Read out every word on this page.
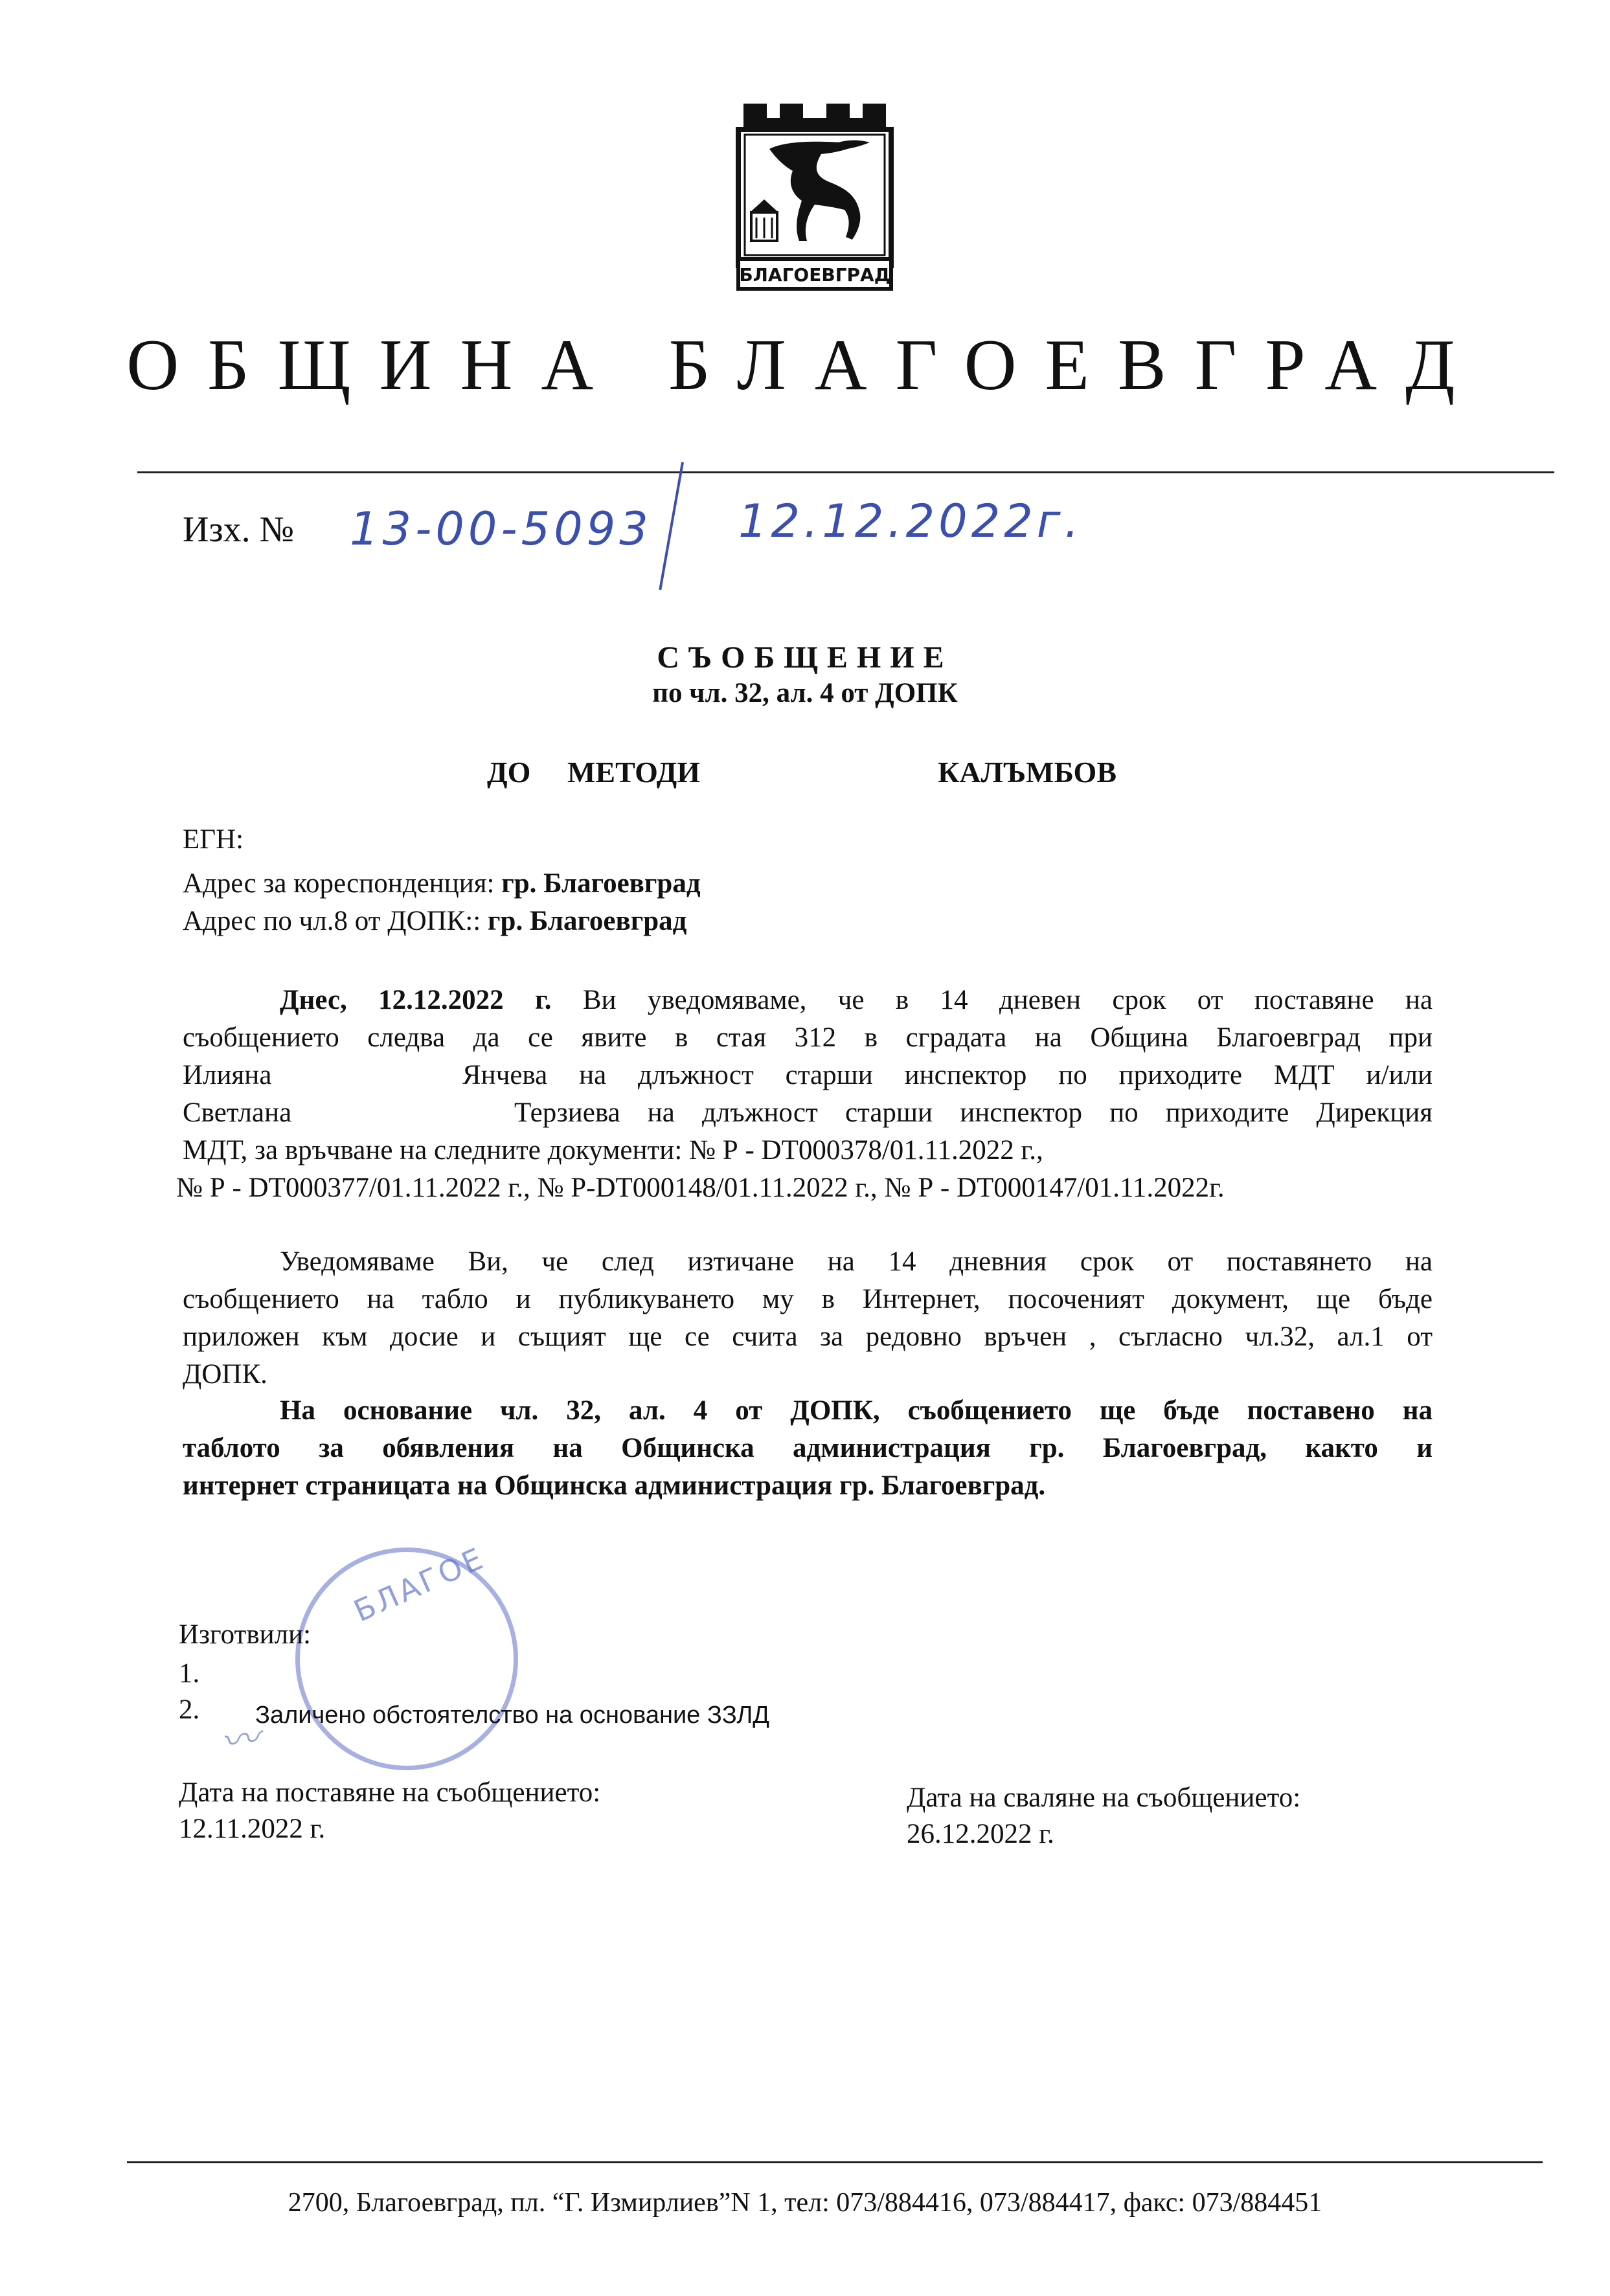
БЛАГОЕВГРАД
ОБЩИНА БЛАГОЕВГРАД
Изх. № 13-00-5093 12.12.2022г.
СЪОБЩЕНИЕ
по чл. 32, ал. 4 от ДОПК
ДО МЕТОДИ	КАЛЪМБОВ
ЕГН:
Адрес за кореспонденция: гр. Благоевград
Адрес по чл.8 от ДОПК:: гр. Благоевград
Днес, 12.12.2022 г. Ви уведомяваме, че в 14 дневен срок от поставяне на
съобщението следва да се явите в стая 312 в сградата на Община Благоевград при
Илияна	Янчева на длъжност старши инспектор по приходите МДТ и/или
Светлана	Терзиева на длъжност старши инспектор по приходите Дирекция
МДТ, за връчване на следните документи: № Р - DT000378/01.11.2022 г.,
№ Р - DT000377/01.11.2022 г., № Р-DT000148/01.11.2022 г., № Р - DT000147/01.11.2022г.
Уведомяваме Ви, че след изтичане на 14 дневния срок от поставянето на
съобщението на табло и публикуването му в Интернет, посоченият документ, ще бъде
приложен към досие и същият ще се счита за редовно връчен , съгласно чл.32, ал.1 от
ДОПК.
На основание чл. 32, ал. 4 от ДОПК, съобщението ще бъде поставено на
таблото за обявления на Общинска администрация гр. Благоевград, както и
интернет страницата на Общинска администрация гр. Благоевград.
БЛАГОЕ
〰
Изготвили:
1.
2. Заличено обстоятелство на основание ЗЗЛД
Дата на поставяне на съобщението:
12.11.2022 г.
Дата на сваляне на съобщението:
26.12.2022 г.
2700, Благоевград, пл. “Г. Измирлиев”N 1, тел: 073/884416, 073/884417, факс: 073/884451
